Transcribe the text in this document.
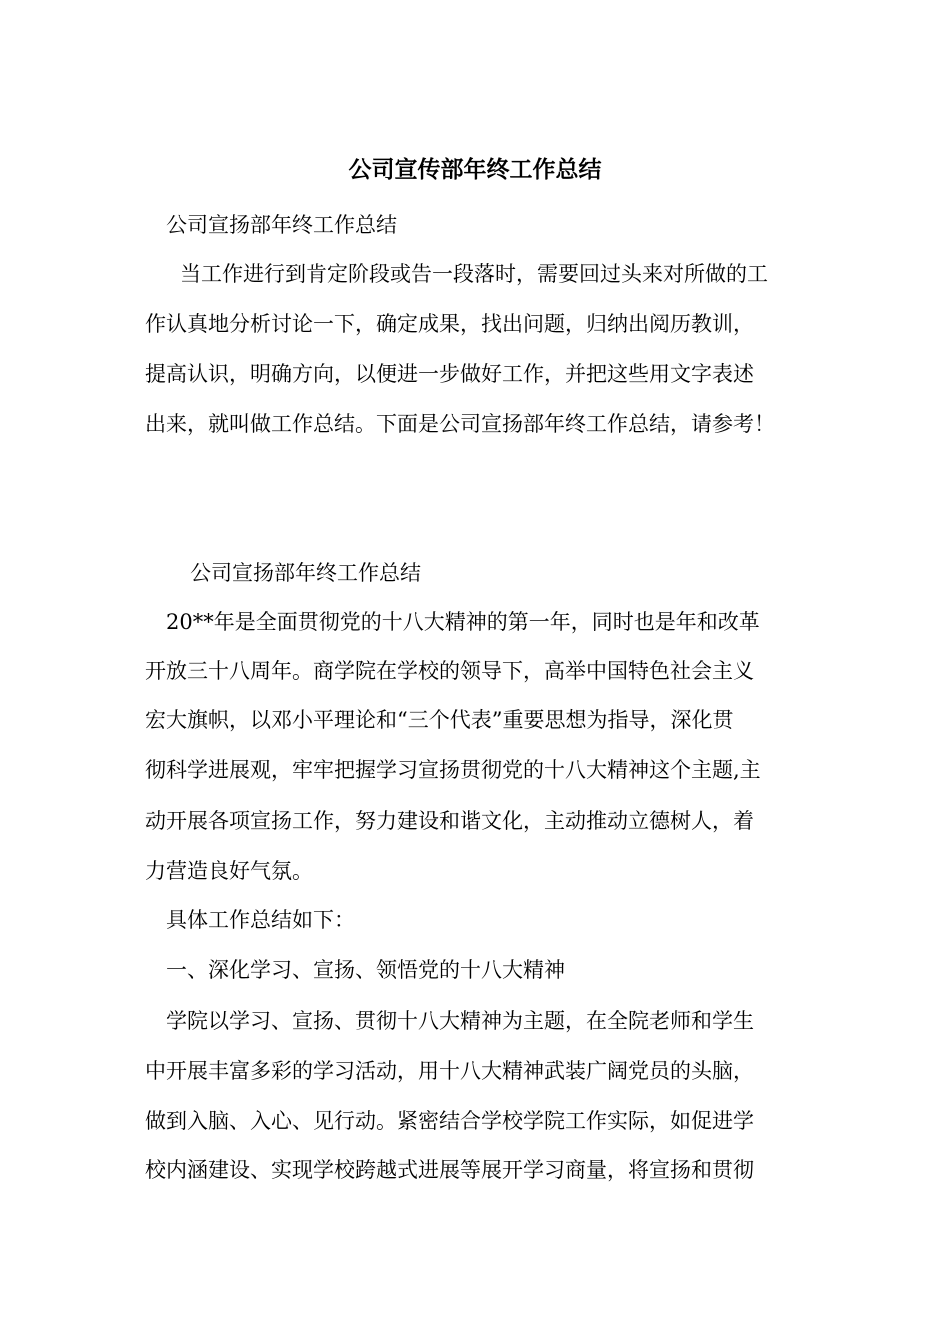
公司宣传部年终工作总结
公司宣扬部年终工作总结
当工作进行到肯定阶段或告一段落时，需要回过头来对所做的工
作认真地分析讨论一下，确定成果，找出问题，归纳出阅历教训，
提高认识，明确方向，以便进一步做好工作，并把这些用文字表述
出来，就叫做工作总结。下面是公司宣扬部年终工作总结，请参考！
公司宣扬部年终工作总结
20**年是全面贯彻党的十八大精神的第一年，同时也是年和改革
开放三十八周年。商学院在学校的领导下，高举中国特色社会主义
宏大旗帜，以邓小平理论和“三个代表”重要思想为指导，深化贯
彻科学进展观，牢牢把握学习宣扬贯彻党的十八大精神这个主题,主
动开展各项宣扬工作，努力建设和谐文化，主动推动立德树人，着
力营造良好气氛。
具体工作总结如下：
一、深化学习、宣扬、领悟党的十八大精神
学院以学习、宣扬、贯彻十八大精神为主题，在全院老师和学生
中开展丰富多彩的学习活动，用十八大精神武装广阔党员的头脑，
做到入脑、入心、见行动。紧密结合学校学院工作实际，如促进学
校内涵建设、实现学校跨越式进展等展开学习商量，将宣扬和贯彻
